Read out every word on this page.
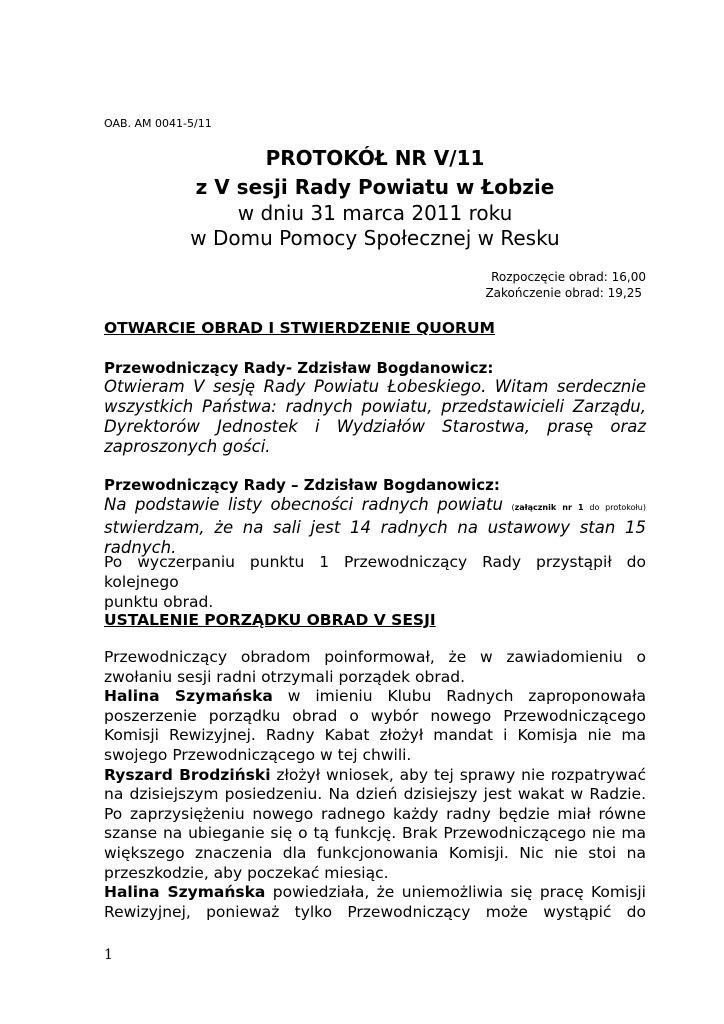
OAB. AM 0041-5/11
PROTOKÓŁ NR V/11
z V sesji Rady Powiatu w Łobzie
w dniu 31 marca 2011 roku
w Domu Pomocy Społecznej w Resku
Rozpoczęcie obrad: 16,00
Zakończenie obrad: 19,25
OTWARCIE OBRAD I STWIERDZENIE QUORUM
Przewodniczący Rady- Zdzisław Bogdanowicz:
Otwieram V sesję Rady Powiatu Łobeskiego. Witam serdecznie
wszystkich Państwa: radnych powiatu, przedstawicieli Zarządu,
Dyrektorów Jednostek i Wydziałów Starostwa, prasę oraz
zaproszonych gości.
Przewodniczący Rady – Zdzisław Bogdanowicz:
Na podstawie listy obecności radnych powiatu (załącznik nr 1 do protokołu)
stwierdzam, że na sali jest 14 radnych na ustawowy stan 15 radnych.
Po wyczerpaniu punktu 1 Przewodniczący Rady przystąpił do kolejnego
punktu obrad.
USTALENIE PORZĄDKU OBRAD V SESJI
Przewodniczący obradom poinformował, że w zawiadomieniu o
zwołaniu sesji radni otrzymali porządek obrad.
Halina Szymańska w imieniu Klubu Radnych zaproponowała
poszerzenie porządku obrad o wybór nowego Przewodniczącego
Komisji Rewizyjnej. Radny Kabat złożył mandat i Komisja nie ma
swojego Przewodniczącego w tej chwili.
Ryszard Brodziński złożył wniosek, aby tej sprawy nie rozpatrywać
na dzisiejszym posiedzeniu. Na dzień dzisiejszy jest wakat w Radzie.
Po zaprzysiężeniu nowego radnego każdy radny będzie miał równe
szanse na ubieganie się o tą funkcję. Brak Przewodniczącego nie ma
większego znaczenia dla funkcjonowania Komisji. Nic nie stoi na
przeszkodzie, aby poczekać miesiąc.
Halina Szymańska powiedziała, że uniemożliwia się pracę Komisji
Rewizyjnej, ponieważ tylko Przewodniczący może wystąpić do
1
